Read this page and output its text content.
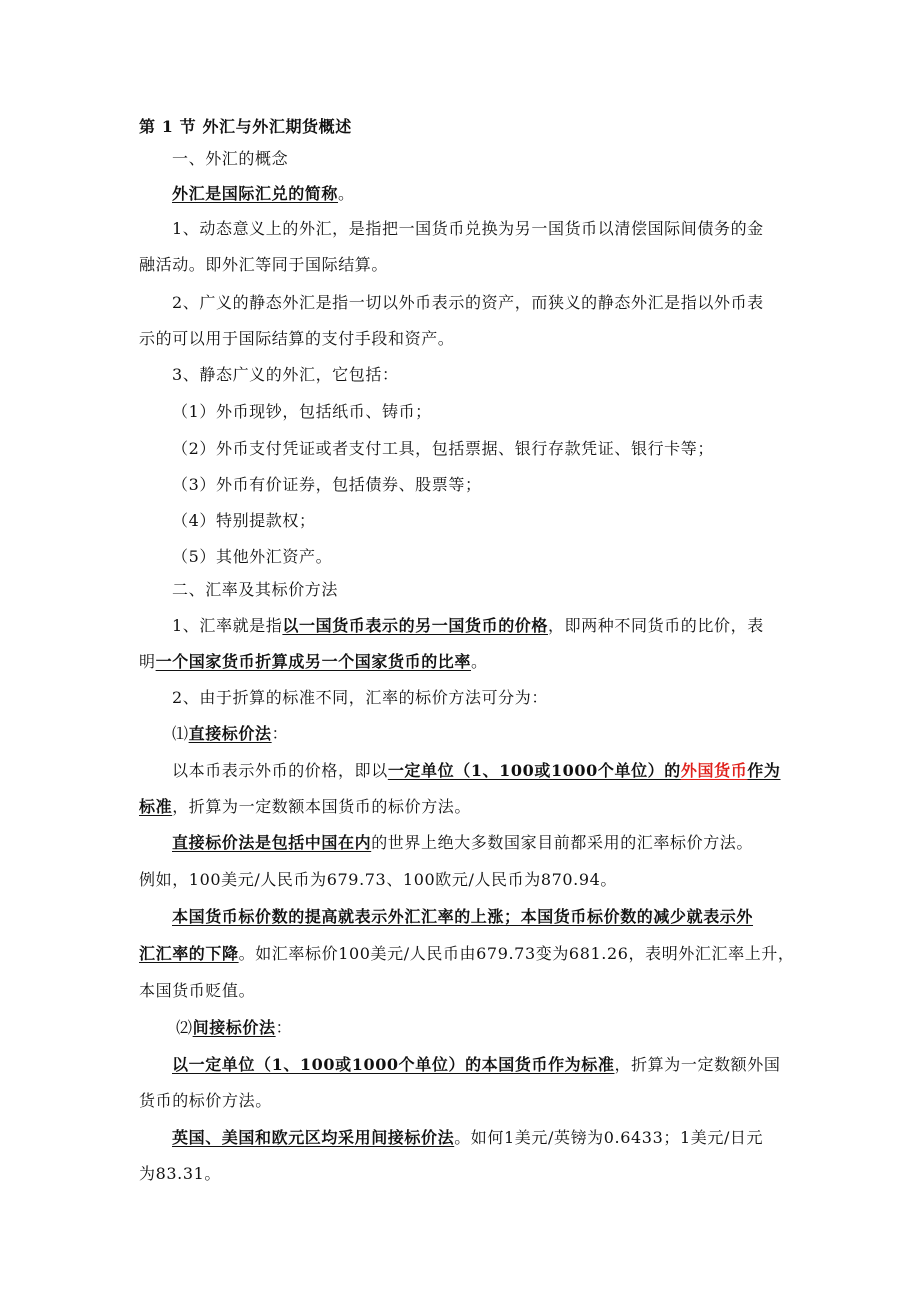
第 1 节 外汇与外汇期货概述
一、外汇的概念
外汇是国际汇兑的简称。
1、动态意义上的外汇，是指把一国货币兑换为另一国货币以清偿国际间债务的金
融活动。即外汇等同于国际结算。
2、广义的静态外汇是指一切以外币表示的资产，而狭义的静态外汇是指以外币表
示的可以用于国际结算的支付手段和资产。
3、静态广义的外汇，它包括：
（1）外币现钞，包括纸币、铸币；
（2）外币支付凭证或者支付工具，包括票据、银行存款凭证、银行卡等；
（3）外币有价证券，包括债券、股票等；
（4）特别提款权；
（5）其他外汇资产。
二、汇率及其标价方法
1、汇率就是指以一国货币表示的另一国货币的价格，即两种不同货币的比价，表
明一个国家货币折算成另一个国家货币的比率。
2、由于折算的标准不同，汇率的标价方法可分为：
⑴直接标价法：
以本币表示外币的价格，即以一定单位（1、100或1000个单位）的外国货币作为
标准，折算为一定数额本国货币的标价方法。
直接标价法是包括中国在内的世界上绝大多数国家目前都采用的汇率标价方法。
例如，100美元/人民币为679.73、100欧元/人民币为870.94。
本国货币标价数的提高就表示外汇汇率的上涨；本国货币标价数的减少就表示外
汇汇率的下降。如汇率标价100美元/人民币由679.73变为681.26，表明外汇汇率上升，
本国货币贬值。
⑵间接标价法：
以一定单位（1、100或1000个单位）的本国货币作为标准，折算为一定数额外国
货币的标价方法。
英国、美国和欧元区均采用间接标价法。如何1美元/英镑为0.6433；1美元/日元
为83.31。
